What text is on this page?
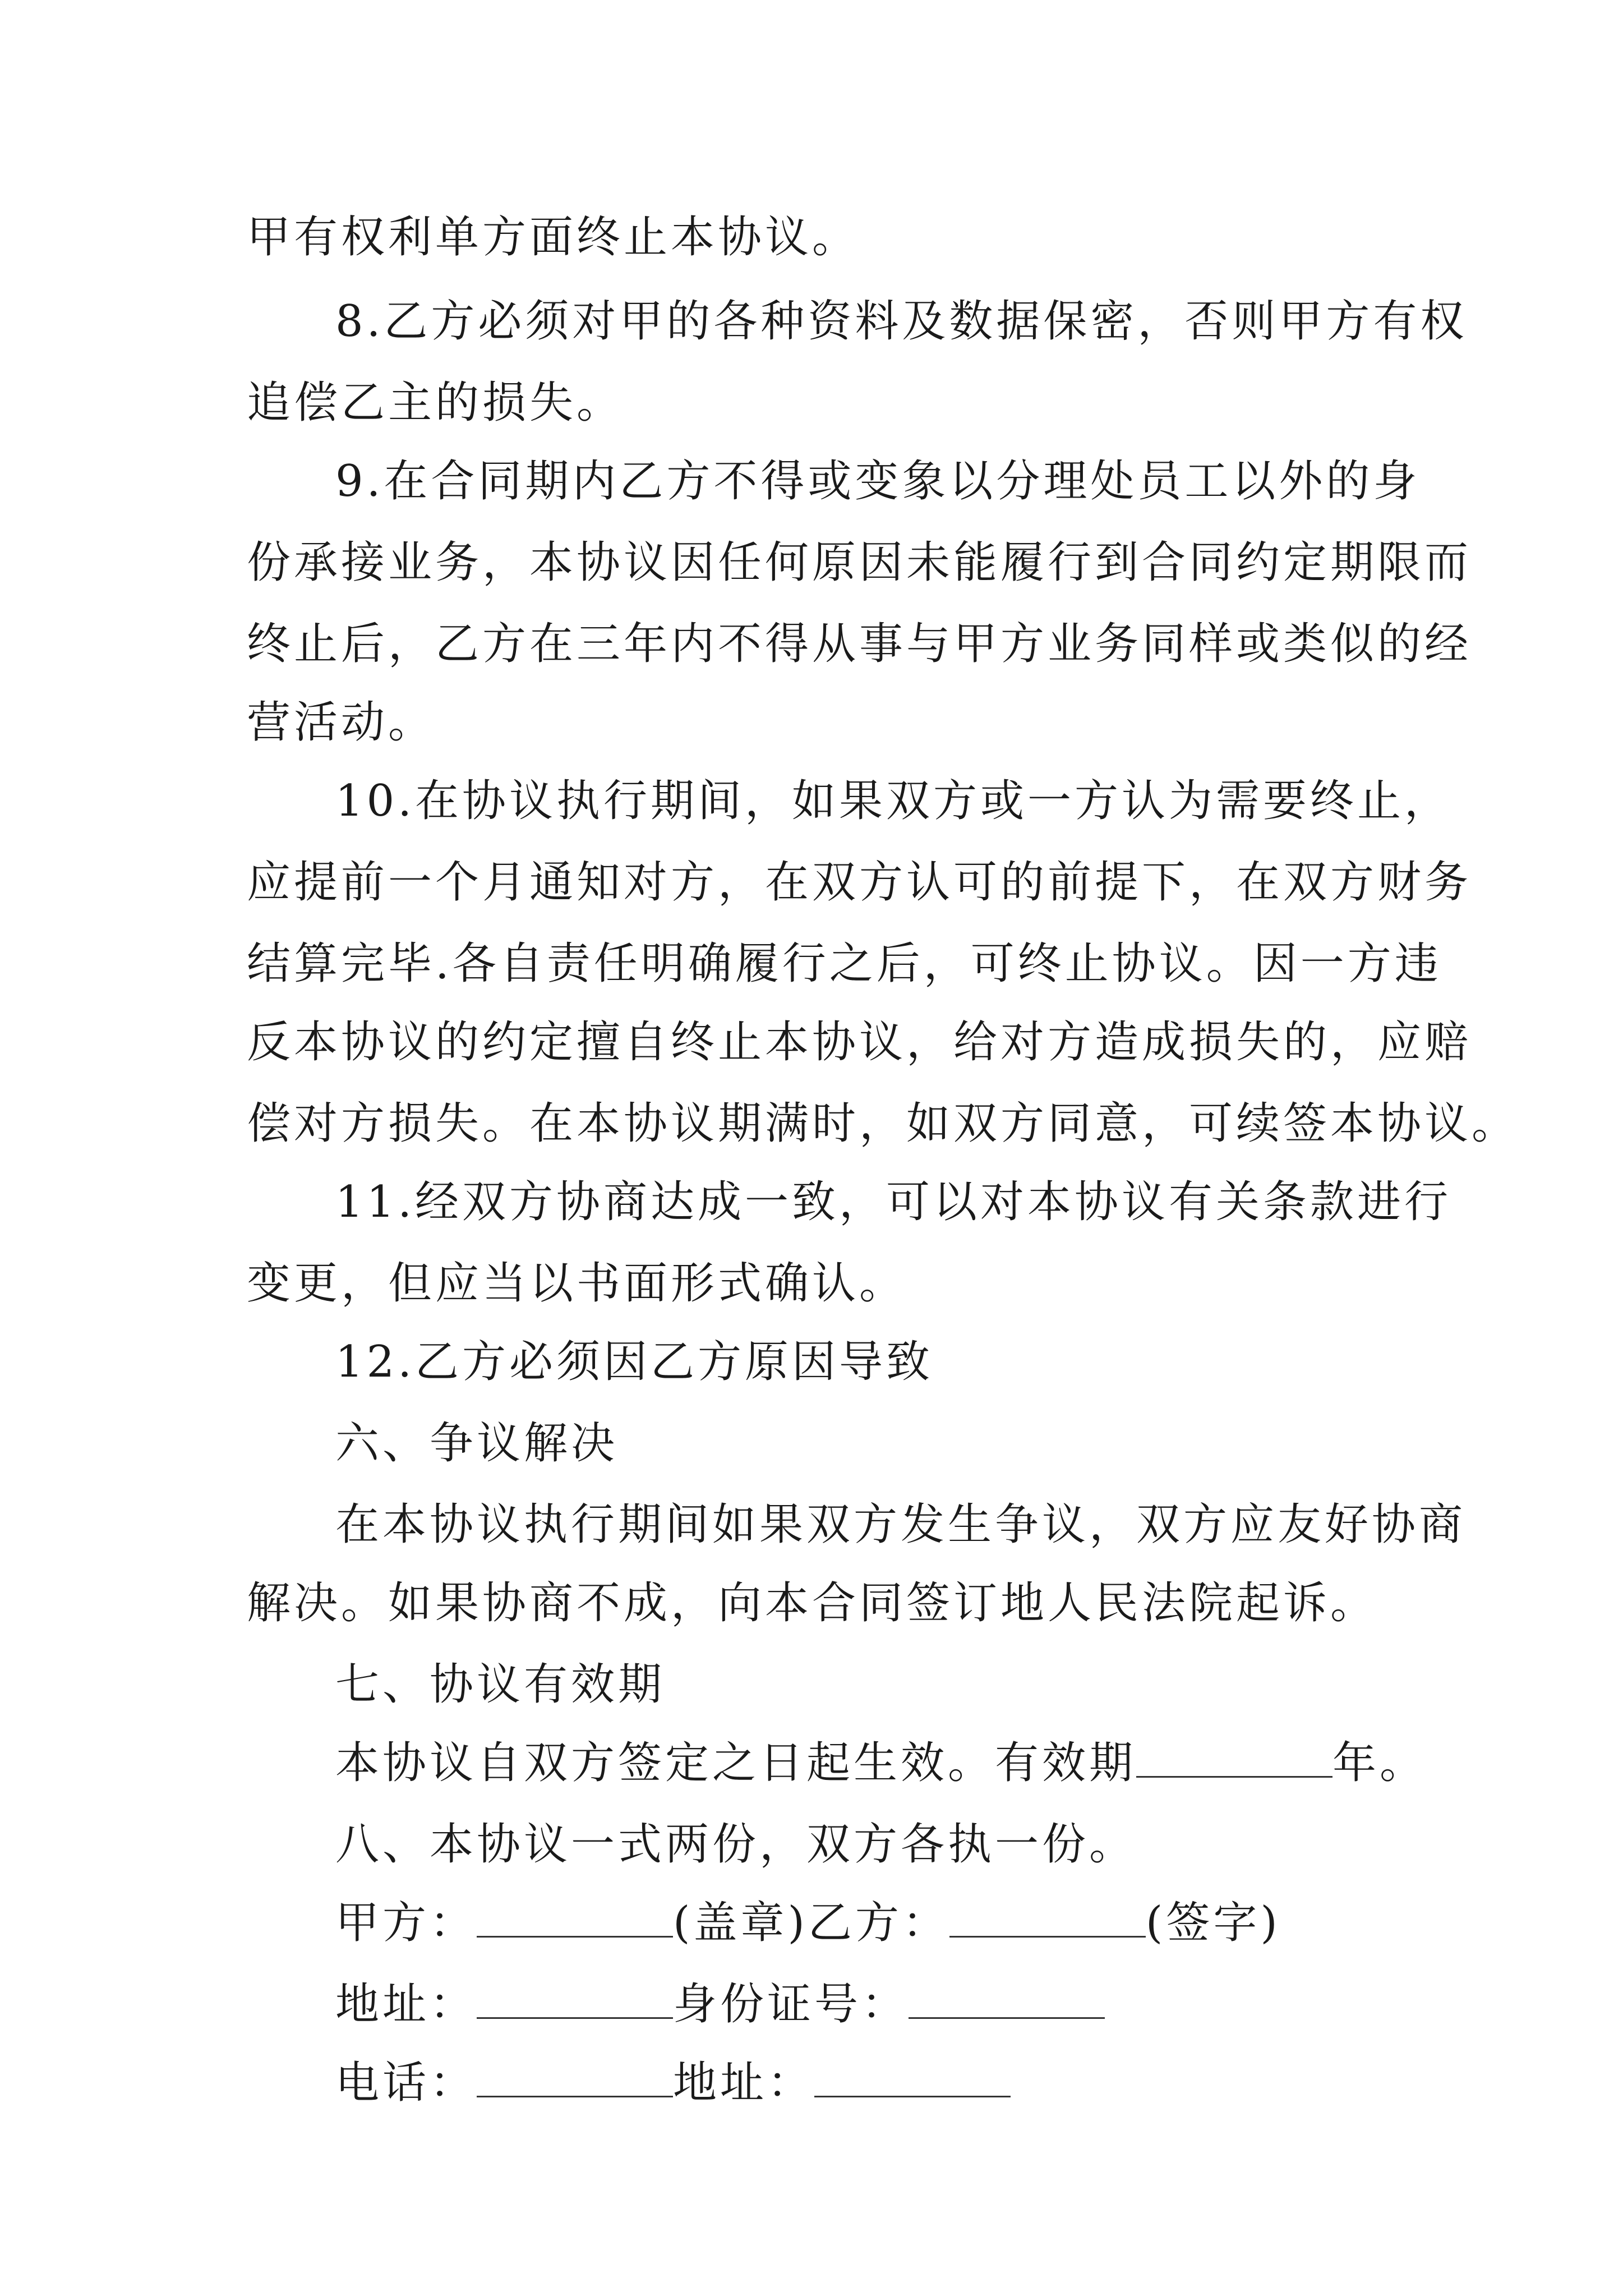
甲有权利单方面终止本协议。

8.乙方必须对甲的各种资料及数据保密，否则甲方有权

追偿乙主的损失。

9.在合同期内乙方不得或变象以分理处员工以外的身

份承接业务，本协议因任何原因未能履行到合同约定期限而

终止后，乙方在三年内不得从事与甲方业务同样或类似的经

营活动。

10.在协议执行期间，如果双方或一方认为需要终止，

应提前一个月通知对方，在双方认可的前提下，在双方财务

结算完毕.各自责任明确履行之后，可终止协议。因一方违

反本协议的约定擅自终止本协议，给对方造成损失的，应赔

偿对方损失。在本协议期满时，如双方同意，可续签本协议。

11.经双方协商达成一致，可以对本协议有关条款进行

变更，但应当以书面形式确认。

12.乙方必须因乙方原因导致

六、争议解决

在本协议执行期间如果双方发生争议，双方应友好协商

解决。如果协商不成，向本合同签订地人民法院起诉。

七、协议有效期

本协议自双方签定之日起生效。有效期	年。

八、本协议一式两份，双方各执一份。

甲方：	(盖章)乙方：	(签字)

地址：	身份证号：

电话：	地址：
